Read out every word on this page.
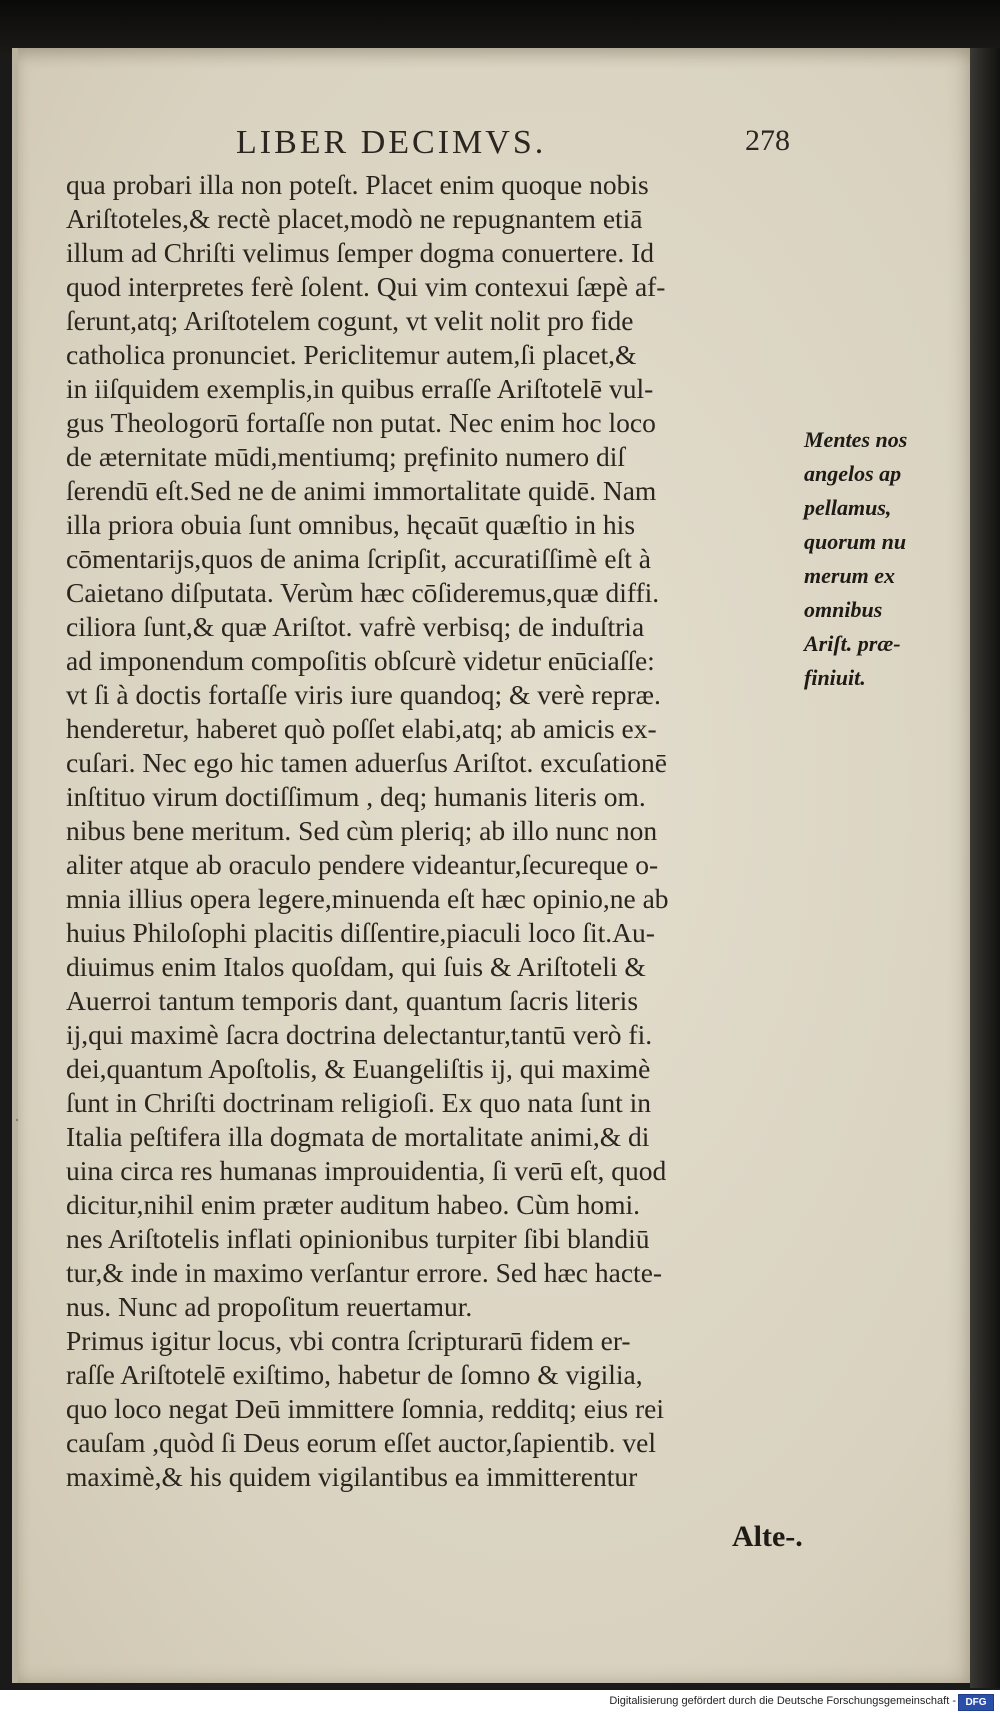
LIBER DECIMVS.	278
qua probari illa non poteſt. Placet enim quoque nobis
Ariſtoteles,& rectè placet,modò ne repugnantem etiā
illum ad Chriſti velimus ſemper dogma conuertere. Id
quod interpretes ferè ſolent. Qui vim contexui ſæpè af-
ſerunt,atq; Ariſtotelem cogunt, vt velit nolit pro fide
catholica pronunciet. Periclitemur autem,ſi placet,&
in iiſquidem exemplis,in quibus erraſſe Ariſtotelē vul-
gus Theologorū fortaſſe non putat. Nec enim hoc loco
de æternitate mūdi,mentiumq; pręfinito numero diſ
ſerendū eſt.Sed ne de animi immortalitate quidē. Nam
illa priora obuia ſunt omnibus, hęcaūt quæſtio in his
cōmentarijs,quos de anima ſcripſit, accuratiſſimè eſt à
Caietano diſputata. Verùm hæc cōſideremus,quæ diffi.
ciliora ſunt,& quæ Ariſtot. vafrè verbisq; de induſtria
ad imponendum compoſitis obſcurè videtur enūciaſſe:
vt ſi à doctis fortaſſe viris iure quandoq; & verè repræ.
henderetur, haberet quò poſſet elabi,atq; ab amicis ex-
cuſari. Nec ego hic tamen aduerſus Ariſtot. excuſationē
inſtituo virum doctiſſimum , deq; humanis literis om.
nibus bene meritum. Sed cùm pleriq; ab illo nunc non
aliter atque ab oraculo pendere videantur,ſecureque o-
mnia illius opera legere,minuenda eſt hæc opinio,ne ab
huius Philoſophi placitis diſſentire,piaculi loco ſit.Au-
diuimus enim Italos quoſdam, qui ſuis & Ariſtoteli &
Auerroi tantum temporis dant, quantum ſacris literis
ij,qui maximè ſacra doctrina delectantur,tantū verò fi.
dei,quantum Apoſtolis, & Euangeliſtis ij, qui maximè
ſunt in Chriſti doctrinam religioſi. Ex quo nata ſunt in
Italia peſtifera illa dogmata de mortalitate animi,& di
uina circa res humanas improuidentia, ſi verū eſt, quod
dicitur,nihil enim præter auditum habeo. Cùm homi.
nes Ariſtotelis inflati opinionibus turpiter ſibi blandiū
tur,& inde in maximo verſantur errore. Sed hæc hacte-
nus. Nunc ad propoſitum reuertamur.
Primus igitur locus, vbi contra ſcripturarū fidem er-
raſſe Ariſtotelē exiſtimo, habetur de ſomno & vigilia,
quo loco negat Deū immittere ſomnia, redditq; eius rei
cauſam ,quòd ſi Deus eorum eſſet auctor,ſapientib. vel
maximè,& his quidem vigilantibus ea immitterentur
Mentes nos
angelos ap
pellamus,
quorum nu
merum ex
omnibus
Ariſt. præ-
finiuit.
Alte-.
·
Digitalisierung gefördert durch die Deutsche Forschungsgemeinschaft - DFG
